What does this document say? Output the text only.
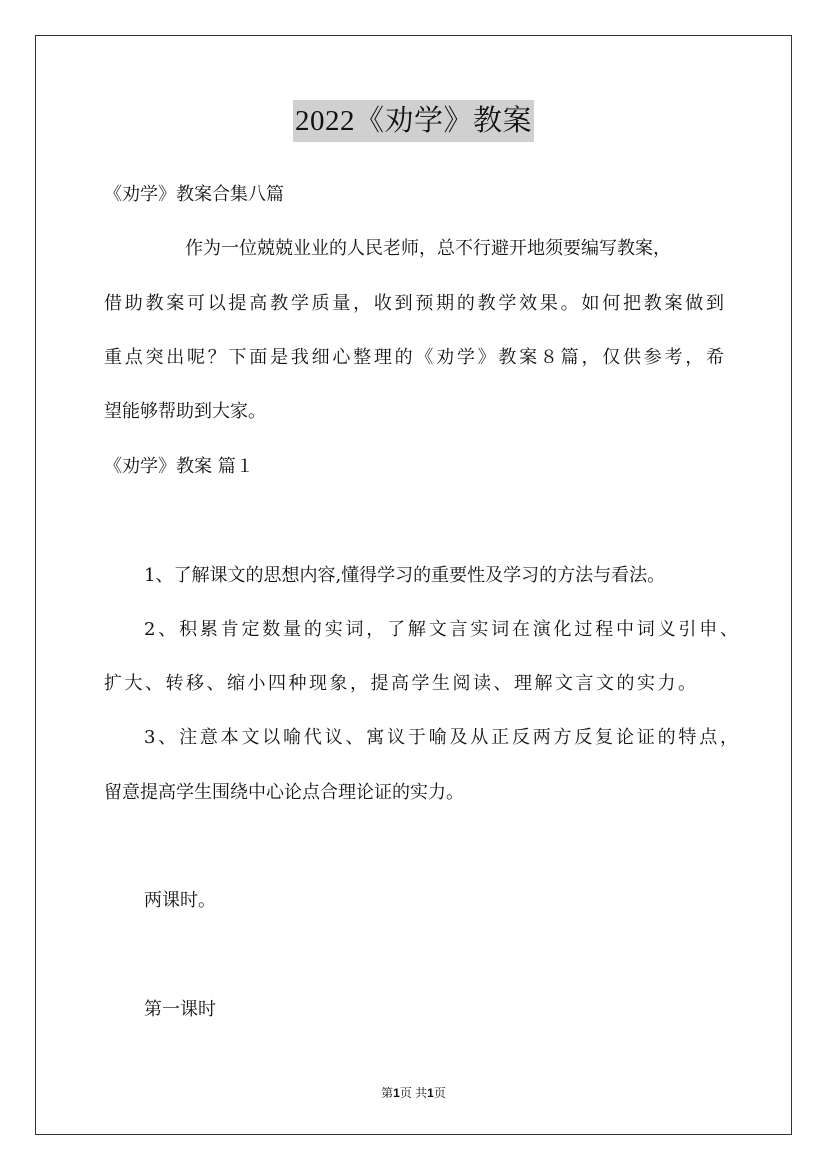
2022《劝学》教案
《劝学》教案合集八篇
作为一位兢兢业业的人民老师，总不行避开地须要编写教案，
借助教案可以提高教学质量，收到预期的教学效果。如何把教案做到
重点突出呢？下面是我细心整理的《劝学》教案８篇，仅供参考，希
望能够帮助到大家。
《劝学》教案 篇１
1、了解课文的思想内容,懂得学习的重要性及学习的方法与看法。
2、积累肯定数量的实词，了解文言实词在演化过程中词义引申、
扩大、转移、缩小四种现象，提高学生阅读、理解文言文的实力。
3、注意本文以喻代议、寓议于喻及从正反两方反复论证的特点，
留意提高学生围绕中心论点合理论证的实力。
两课时。
第一课时
第1页 共1页
